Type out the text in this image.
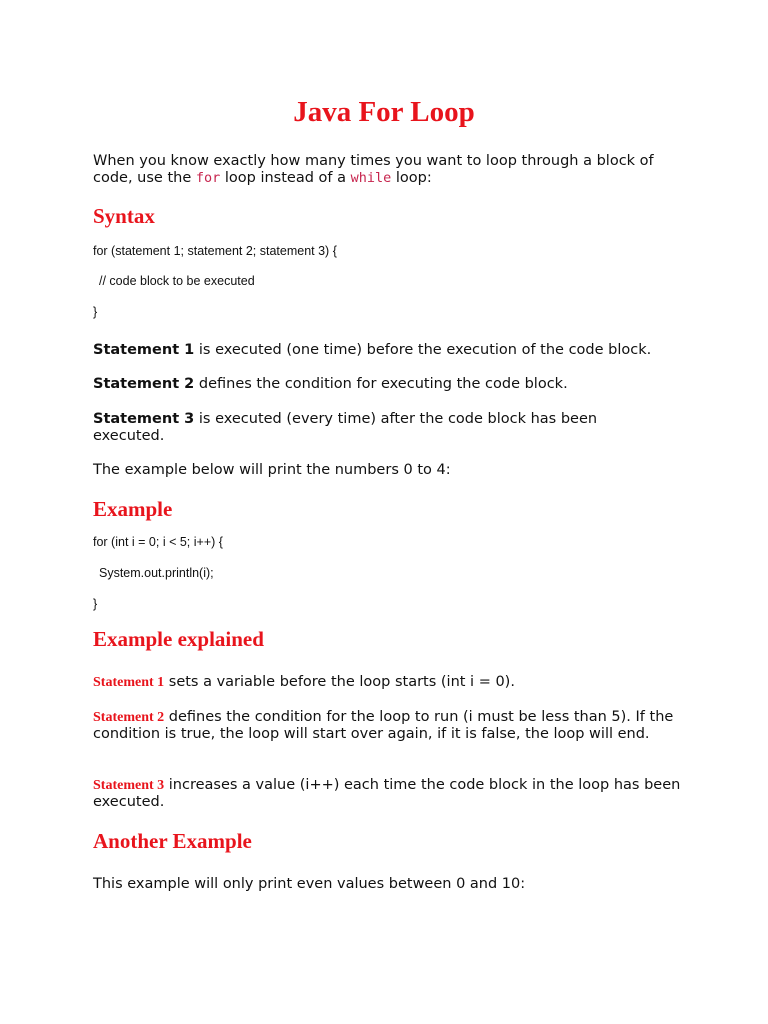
Java For Loop

When you know exactly how many times you want to loop through a block of code, use the for loop instead of a while loop:

Syntax
for (statement 1; statement 2; statement 3) {
// code block to be executed
}

Statement 1 is executed (one time) before the execution of the code block.

Statement 2 defines the condition for executing the code block.

Statement 3 is executed (every time) after the code block has been executed.

The example below will print the numbers 0 to 4:

Example
for (int i = 0; i < 5; i++) {
System.out.println(i);
}
Example explained

Statement 1 sets a variable before the loop starts (int i = 0).

Statement 2 defines the condition for the loop to run (i must be less than 5). If the condition is true, the loop will start over again, if it is false, the loop will end.

Statement 3 increases a value (i++) each time the code block in the loop has been executed.

Another Example

This example will only print even values between 0 and 10:
